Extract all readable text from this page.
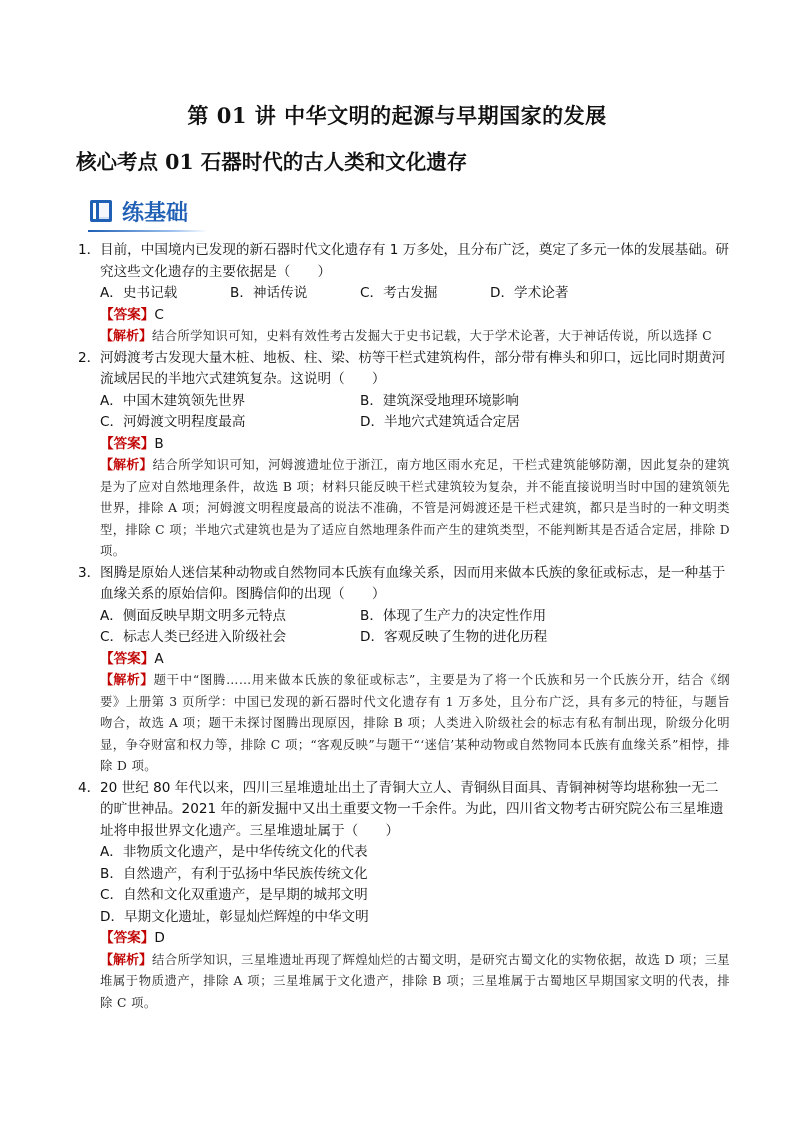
第 01 讲 中华文明的起源与早期国家的发展
核心考点 01 石器时代的古人类和文化遗存
练基础
1． 目前，中国境内已发现的新石器时代文化遗存有 1 万多处，且分布广泛，奠定了多元一体的发展基础。研究这些文化遗存的主要依据是（　　）
A．史书记载	B．神话传说	C．考古发掘	D．学术论著
【答案】C
【解析】结合所学知识可知，史料有效性考古发掘大于史书记载，大于学术论著，大于神话传说，所以选择 C
2． 河姆渡考古发现大量木桩、地板、柱、梁、枋等干栏式建筑构件，部分带有榫头和卯口，远比同时期黄河流域居民的半地穴式建筑复杂。这说明（　　）
A．中国木建筑领先世界	B．建筑深受地理环境影响
C．河姆渡文明程度最高	D．半地穴式建筑适合定居
【答案】B
【解析】结合所学知识可知，河姆渡遗址位于浙江，南方地区雨水充足，干栏式建筑能够防潮，因此复杂的建筑是为了应对自然地理条件，故选 B 项；材料只能反映干栏式建筑较为复杂，并不能直接说明当时中国的建筑领先世界，排除 A 项；河姆渡文明程度最高的说法不准确，不管是河姆渡还是干栏式建筑，都只是当时的一种文明类型，排除 C 项；半地穴式建筑也是为了适应自然地理条件而产生的建筑类型，不能判断其是否适合定居，排除 D 项。
3． 图腾是原始人迷信某种动物或自然物同本氏族有血缘关系，因而用来做本氏族的象征或标志，是一种基于血缘关系的原始信仰。图腾信仰的出现（　　）
A．侧面反映早期文明多元特点	B．体现了生产力的决定性作用
C．标志人类已经进入阶级社会	D．客观反映了生物的进化历程
【答案】A
【解析】题干中“图腾……用来做本氏族的象征或标志”，主要是为了将一个氏族和另一个氏族分开，结合《纲要》上册第 3 页所学：中国已发现的新石器时代文化遗存有 1 万多处，且分布广泛，具有多元的特征，与题旨吻合，故选 A 项；题干未探讨图腾出现原因，排除 B 项；人类进入阶级社会的标志有私有制出现，阶级分化明显，争夺财富和权力等，排除 C 项；“客观反映”与题干“‘迷信’某种动物或自然物同本氏族有血缘关系”相悖，排除 D 项。
4． 20 世纪 80 年代以来，四川三星堆遗址出土了青铜大立人、青铜纵目面具、青铜神树等均堪称独一无二的旷世神品。2021 年的新发掘中又出土重要文物一千余件。为此，四川省文物考古研究院公布三星堆遗址将申报世界文化遗产。三星堆遗址属于（　　）
A．非物质文化遗产，是中华传统文化的代表
B．自然遗产，有利于弘扬中华民族传统文化
C．自然和文化双重遗产，是早期的城邦文明
D．早期文化遗址，彰显灿烂辉煌的中华文明
【答案】D
【解析】结合所学知识，三星堆遗址再现了辉煌灿烂的古蜀文明，是研究古蜀文化的实物依据，故选 D 项；三星堆属于物质遗产，排除 A 项；三星堆属于文化遗产，排除 B 项；三星堆属于古蜀地区早期国家文明的代表，排除 C 项。
